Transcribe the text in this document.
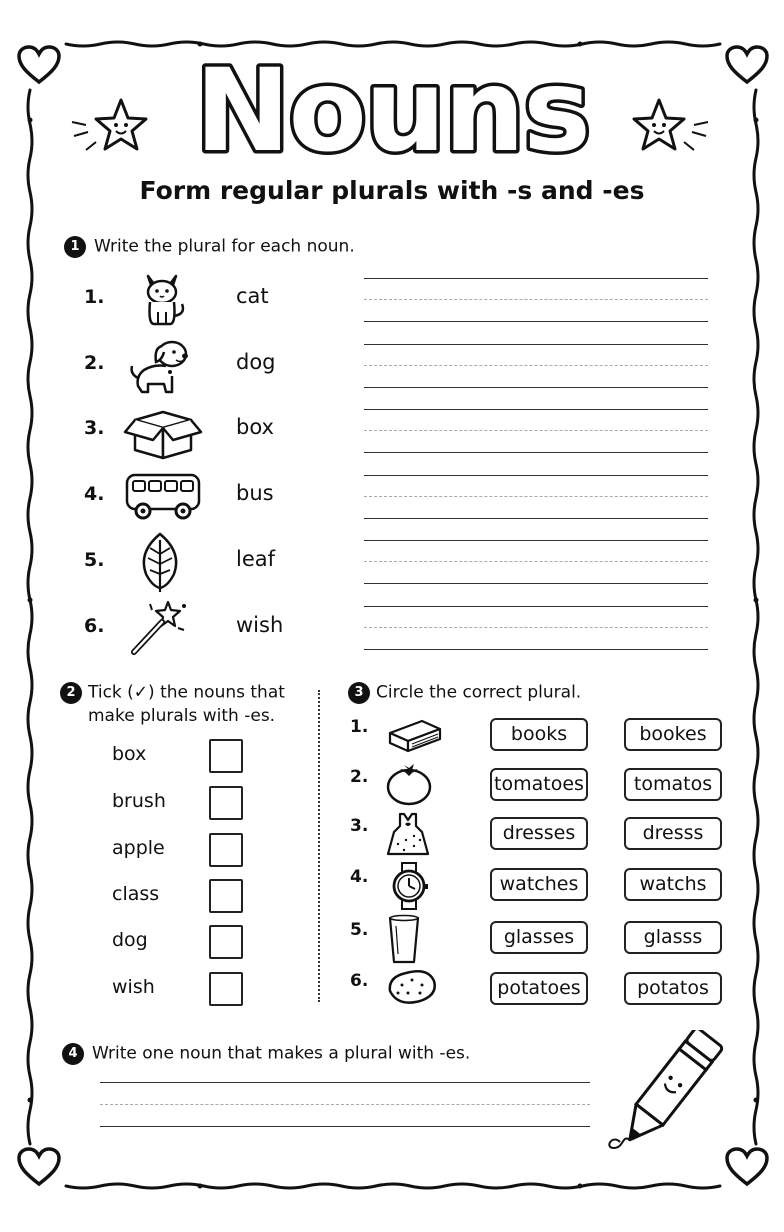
Nouns
Form regular plurals with -s and -es
1 Write the plural for each noun.
1.	cat
2.	dog
3.	box
4.	bus
5.	leaf
6.	wish
2 Tick (✓) the nouns that
make plurals with -es.
box
brush
apple
class
dog
wish
3 Circle the correct plural.
1.	books	bookes
2.	tomatoes	tomatos
3.	dresses	dresss
4.	watches	watchs
5.	glasses	glasss
6.	potatoes	potatos
4 Write one noun that makes a plural with -es.
